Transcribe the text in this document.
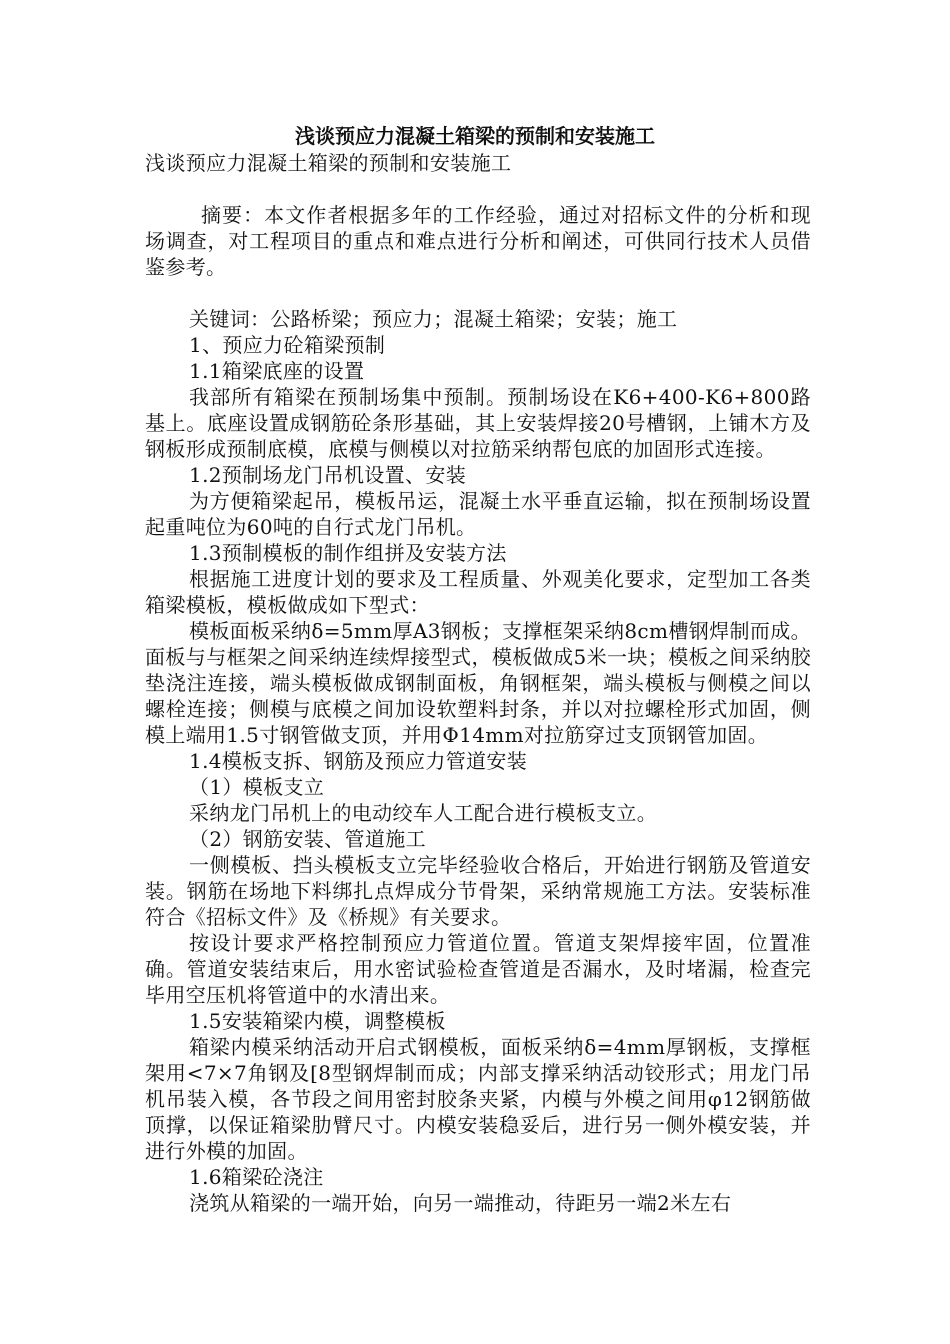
浅谈预应力混凝土箱梁的预制和安装施工

浅谈预应力混凝土箱梁的预制和安装施工

摘要：本文作者根据多年的工作经验，通过对招标文件的分析和现场调查，对工程项目的重点和难点进行分析和阐述，可供同行技术人员借鉴参考。

关键词：公路桥梁；预应力；混凝土箱梁；安装；施工

1、预应力砼箱梁预制

1.1箱梁底座的设置

我部所有箱梁在预制场集中预制。预制场设在K6+400-K6+800路基上。底座设置成钢筋砼条形基础，其上安装焊接20号槽钢，上铺木方及钢板形成预制底模，底模与侧模以对拉筋采纳帮包底的加固形式连接。

1.2预制场龙门吊机设置、安装

为方便箱梁起吊，模板吊运，混凝土水平垂直运输，拟在预制场设置起重吨位为60吨的自行式龙门吊机。

1.3预制模板的制作组拼及安装方法

根据施工进度计划的要求及工程质量、外观美化要求，定型加工各类箱梁模板，模板做成如下型式：

模板面板采纳δ=5mm厚A3钢板；支撑框架采纳8cm槽钢焊制而成。面板与与框架之间采纳连续焊接型式，模板做成5米一块；模板之间采纳胶垫浇注连接，端头模板做成钢制面板，角钢框架，端头模板与侧模之间以螺栓连接；侧模与底模之间加设软塑料封条，并以对拉螺栓形式加固，侧模上端用1.5寸钢管做支顶，并用Φ14mm对拉筋穿过支顶钢管加固。

1.4模板支拆、钢筋及预应力管道安装

（1）模板支立

采纳龙门吊机上的电动绞车人工配合进行模板支立。

（2）钢筋安装、管道施工

一侧模板、挡头模板支立完毕经验收合格后，开始进行钢筋及管道安装。钢筋在场地下料绑扎点焊成分节骨架，采纳常规施工方法。安装标准符合《招标文件》及《桥规》有关要求。

按设计要求严格控制预应力管道位置。管道支架焊接牢固，位置准确。管道安装结束后，用水密试验检查管道是否漏水，及时堵漏，检查完毕用空压机将管道中的水清出来。

1.5安装箱梁内模，调整模板

箱梁内模采纳活动开启式钢模板，面板采纳δ=4mm厚钢板，支撑框架用<7×7角钢及[8型钢焊制而成；内部支撑采纳活动铰形式；用龙门吊机吊装入模，各节段之间用密封胶条夹紧，内模与外模之间用φ12钢筋做顶撑，以保证箱梁肋臂尺寸。内模安装稳妥后，进行另一侧外模安装，并进行外模的加固。

1.6箱梁砼浇注

浇筑从箱梁的一端开始，向另一端推动，待距另一端2米左右
